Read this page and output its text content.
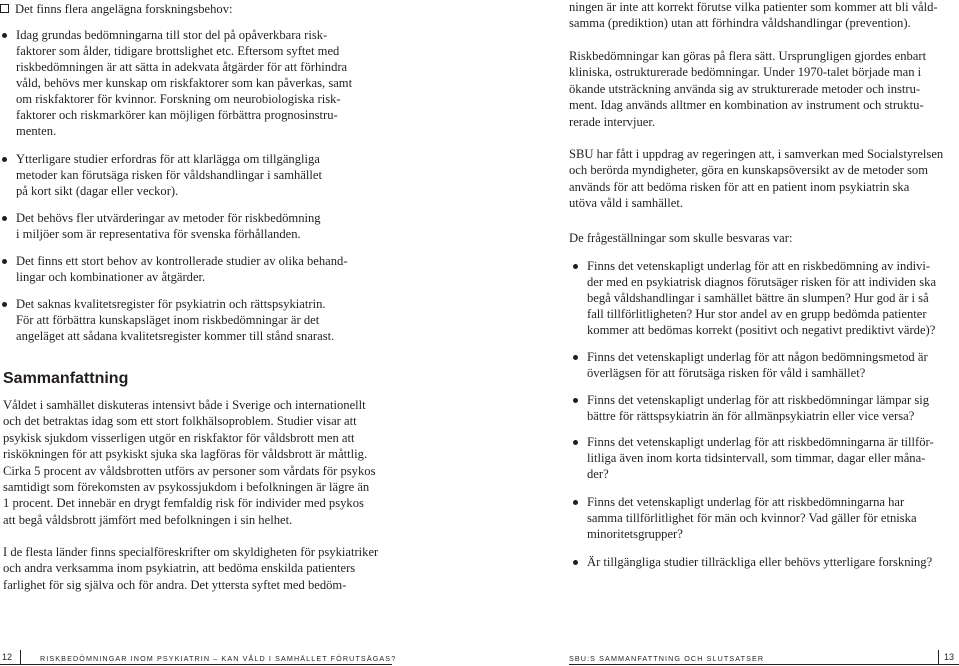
Det finns flera angelägna forskningsbehov:
Idag grundas bedömningarna till stor del på opåverkbara risk-
faktorer som ålder, tidigare brottslighet etc. Eftersom syftet med
riskbedömningen är att sätta in adekvata åtgärder för att förhindra
våld, behövs mer kunskap om riskfaktorer som kan påverkas, samt
om riskfaktorer för kvinnor. Forskning om neurobiologiska risk-
faktorer och riskmarkörer kan möjligen förbättra prognosinstru-
menten.
Ytterligare studier erfordras för att klarlägga om tillgängliga
metoder kan förutsäga risken för våldshandlingar i samhället
på kort sikt (dagar eller veckor).
Det behövs fler utvärderingar av metoder för riskbedömning
i miljöer som är representativa för svenska förhållanden.
Det finns ett stort behov av kontrollerade studier av olika behand-
lingar och kombinationer av åtgärder.
Det saknas kvalitetsregister för psykiatrin och rättspsykiatrin.
För att förbättra kunskapsläget inom riskbedömningar är det
angeläget att sådana kvalitetsregister kommer till stånd snarast.
Sammanfattning
Våldet i samhället diskuteras intensivt både i Sverige och internationellt
och det betraktas idag som ett stort folkhälsoproblem. Studier visar att
psykisk sjukdom visserligen utgör en riskfaktor för våldsbrott men att
riskökningen för att psykiskt sjuka ska lagföras för våldsbrott är måttlig.
Cirka 5 procent av våldsbrotten utförs av personer som vårdats för psykos
samtidigt som förekomsten av psykossjukdom i befolkningen är lägre än
1 procent. Det innebär en drygt femfaldig risk för individer med psykos
att begå våldsbrott jämfört med befolkningen i sin helhet.
I de flesta länder finns specialföreskrifter om skyldigheten för psykiatriker
och andra verksamma inom psykiatrin, att bedöma enskilda patienters
farlighet för sig själva och för andra. Det yttersta syftet med bedöm-
ningen är inte att korrekt förutse vilka patienter som kommer att bli våld-
samma (prediktion) utan att förhindra våldshandlingar (prevention).
Riskbedömningar kan göras på flera sätt. Ursprungligen gjordes enbart
kliniska, ostrukturerade bedömningar. Under 1970-talet började man i
ökande utsträckning använda sig av strukturerade metoder och instru-
ment. Idag används alltmer en kombination av instrument och struktu-
rerade intervjuer.
SBU har fått i uppdrag av regeringen att, i samverkan med Socialstyrelsen
och berörda myndigheter, göra en kunskapsöversikt av de metoder som
används för att bedöma risken för att en patient inom psykiatrin ska
utöva våld i samhället.
De frågeställningar som skulle besvaras var:
Finns det vetenskapligt underlag för att en riskbedömning av indivi-
der med en psykiatrisk diagnos förutsäger risken för att individen ska
begå våldshandlingar i samhället bättre än slumpen? Hur god är i så
fall tillförlitligheten? Hur stor andel av en grupp bedömda patienter
kommer att bedömas korrekt (positivt och negativt prediktivt värde)?
Finns det vetenskapligt underlag för att någon bedömningsmetod är
överlägsen för att förutsäga risken för våld i samhället?
Finns det vetenskapligt underlag för att riskbedömningar lämpar sig
bättre för rättspsykiatrin än för allmänpsykiatrin eller vice versa?
Finns det vetenskapligt underlag för att riskbedömningarna är tillför-
litliga även inom korta tidsintervall, som timmar, dagar eller måna-
der?
Finns det vetenskapligt underlag för att riskbedömningarna har
samma tillförlitlighet för män och kvinnor? Vad gäller för etniska
minoritetsgrupper?
Är tillgängliga studier tillräckliga eller behövs ytterligare forskning?
12	RISKBEDÖMNINGAR INOM PSYKIATRIN – KAN VÅLD I SAMHÄLLET FÖRUTSÄGAS?	SBU:S SAMMANFATTNING OCH SLUTSATSER	13
